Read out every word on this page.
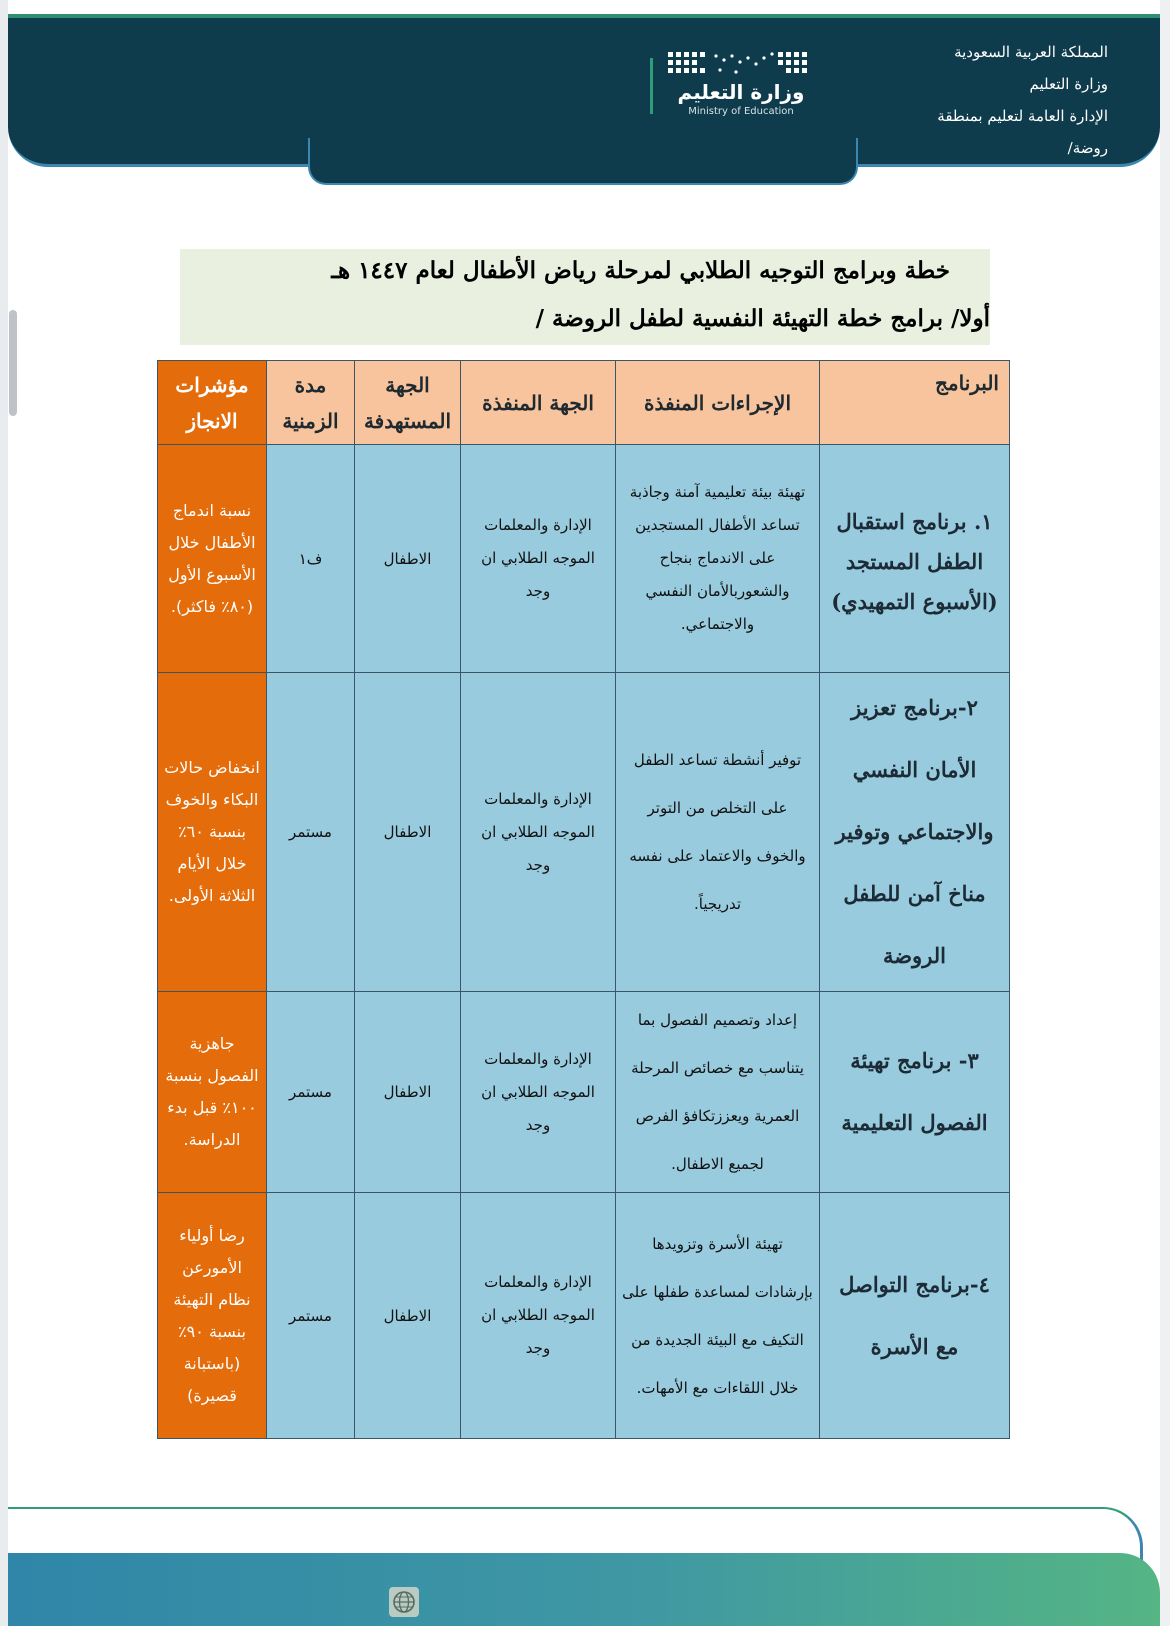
المملكة العربية السعودية
وزارة التعليم
الإدارة العامة لتعليم بمنطقة
روضة/
وزارة التعليم
Ministry of Education
خطة وبرامج التوجيه الطلابي لمرحلة رياض الأطفال لعام ١٤٤٧ هـ
أولا/ برامج خطة التهيئة النفسية لطفل الروضة /
البرنامج	الإجراءات المنفذة	الجهة المنفذة	الجهة المستهدفة	مدة الزمنية	مؤشرات الانجاز
١. برنامج استقبال الطفل المستجد (الأسبوع التمهيدي)	تهيئة بيئة تعليمية آمنة وجاذبة تساعد الأطفال المستجدين على الاندماج بنجاح والشعوربالأمان النفسي والاجتماعي.	الإدارة والمعلمات الموجه الطلابي ان وجد	الاطفال	ف١	نسبة اندماج الأطفال خلال الأسبوع الأول (٨٠٪ فاكثر).
٢-برنامج تعزيز الأمان النفسي والاجتماعي وتوفير مناخ آمن للطفل الروضة	توفير أنشطة تساعد الطفل على التخلص من التوتر والخوف والاعتماد على نفسه تدريجياً.	الإدارة والمعلمات الموجه الطلابي ان وجد	الاطفال	مستمر	انخفاض حالات البكاء والخوف بنسبة ٦٠٪ خلال الأيام الثلاثة الأولى.
٣- برنامج تهيئة الفصول التعليمية	إعداد وتصميم الفصول بما يتناسب مع خصائص المرحلة العمرية ويعززتكافؤ الفرص لجميع الاطفال.	الإدارة والمعلمات الموجه الطلابي ان وجد	الاطفال	مستمر	جاهزية الفصول بنسبة ١٠٠٪ قبل بدء الدراسة.
٤-برنامج التواصل مع الأسرة	تهيئة الأسرة وتزويدها بإرشادات لمساعدة طفلها على التكيف مع البيئة الجديدة من خلال اللقاءات مع الأمهات.	الإدارة والمعلمات الموجه الطلابي ان وجد	الاطفال	مستمر	رضا أولياء الأمورعن نظام التهيئة بنسبة ٩٠٪ (باستبانة قصيرة)
